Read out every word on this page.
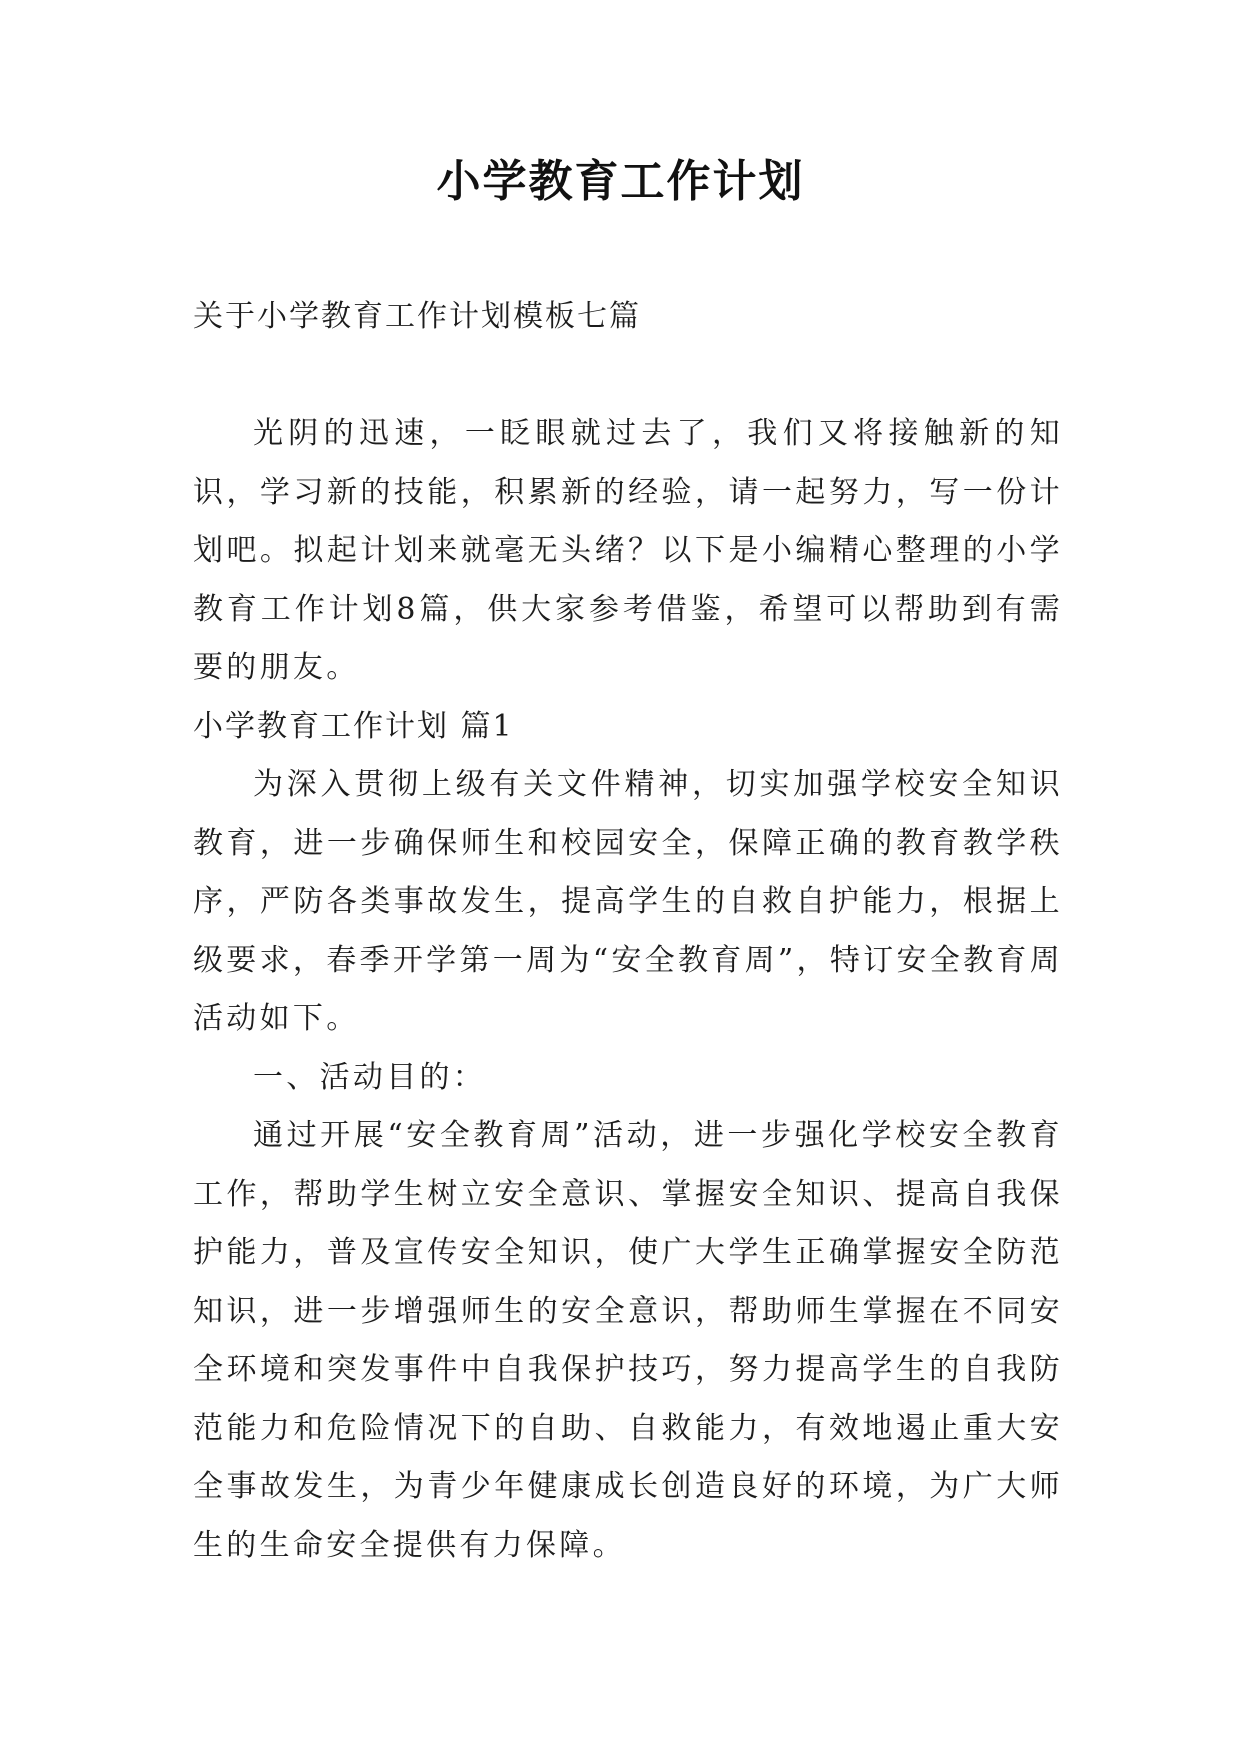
小学教育工作计划

关于小学教育工作计划模板七篇

光阴的迅速，一眨眼就过去了，我们又将接触新的知识，学习新的技能，积累新的经验，请一起努力，写一份计划吧。拟起计划来就毫无头绪？以下是小编精心整理的小学教育工作计划8篇，供大家参考借鉴，希望可以帮助到有需要的朋友。

小学教育工作计划 篇1

为深入贯彻上级有关文件精神，切实加强学校安全知识教育，进一步确保师生和校园安全，保障正确的教育教学秩序，严防各类事故发生，提高学生的自救自护能力，根据上级要求，春季开学第一周为“安全教育周”，特订安全教育周活动如下。

一、活动目的：

通过开展“安全教育周”活动，进一步强化学校安全教育工作，帮助学生树立安全意识、掌握安全知识、提高自我保护能力，普及宣传安全知识，使广大学生正确掌握安全防范知识，进一步增强师生的安全意识，帮助师生掌握在不同安全环境和突发事件中自我保护技巧，努力提高学生的自我防范能力和危险情况下的自助、自救能力，有效地遏止重大安全事故发生，为青少年健康成长创造良好的环境，为广大师生的生命安全提供有力保障。
